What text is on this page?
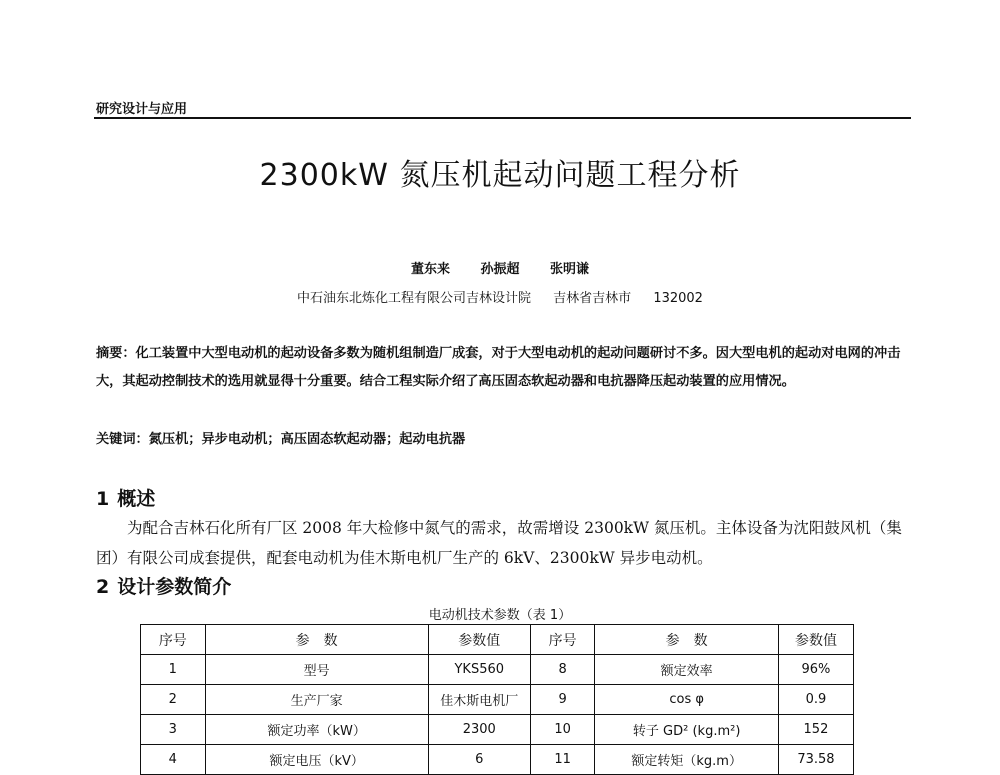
研究设计与应用
2300kW 氮压机起动问题工程分析
董东来 孙振超 张明谦
中石油东北炼化工程有限公司吉林设计院 吉林省吉林市 132002
摘要：化工装置中大型电动机的起动设备多数为随机组制造厂成套，对于大型电动机的起动问题研讨不多。因大型电机的起动对电网的冲击大，其起动控制技术的选用就显得十分重要。结合工程实际介绍了高压固态软起动器和电抗器降压起动装置的应用情况。
关键词：氮压机；异步电动机；高压固态软起动器；起动电抗器
1 概述
为配合吉林石化所有厂区 2008 年大检修中氮气的需求，故需增设 2300kW 氮压机。主体设备为沈阳鼓风机（集团）有限公司成套提供，配套电动机为佳木斯电机厂生产的 6kV、2300kW 异步电动机。
2 设计参数简介
电动机技术参数（表 1）
序号	参　数	参数值	序号	参　数	参数值
1	型号	YKS560	8	额定效率	96%
2	生产厂家	佳木斯电机厂	9	cos φ	0.9
3	额定功率（kW）	2300	10	转子 GD² (kg.m²)	152
4	额定电压（kV）	6	11	额定转矩（kg.m）	73.58
